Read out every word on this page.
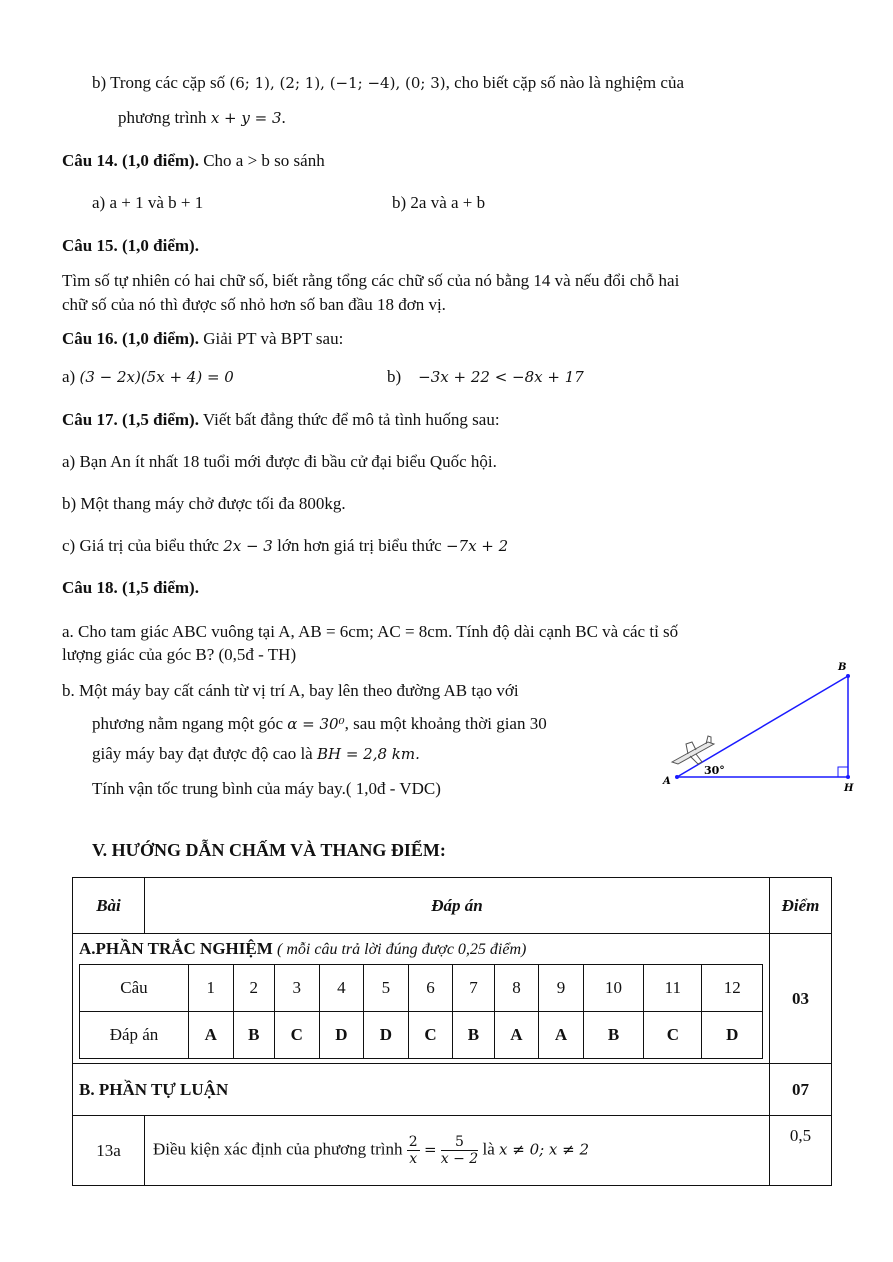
b) Trong các cặp số (6; 1), (2; 1), (−1; −4), (0; 3), cho biết cặp số nào là nghiệm của
phương trình x + y = 3.
Câu 14. (1,0 điểm). Cho a > b so sánh
a) a + 1 và b + 1	b) 2a và a + b
Câu 15. (1,0 điểm).
Tìm số tự nhiên có hai chữ số, biết rằng tổng các chữ số của nó bằng 14 và nếu đổi chỗ hai
chữ số của nó thì được số nhỏ hơn số ban đầu 18 đơn vị.
Câu 16. (1,0 điểm). Giải PT và BPT sau:
a) (3 − 2x)(5x + 4) = 0	b) −3x + 22 < −8x + 17
Câu 17. (1,5 điểm). Viết bất đẳng thức để mô tả tình huống sau:
a) Bạn An ít nhất 18 tuổi mới được đi bầu cử đại biểu Quốc hội.
b) Một thang máy chở được tối đa 800kg.
c) Giá trị của biểu thức 2x − 3 lớn hơn giá trị biểu thức −7x + 2
Câu 18. (1,5 điểm).
a. Cho tam giác ABC vuông tại A, AB = 6cm; AC = 8cm. Tính độ dài cạnh BC và các tỉ số
lượng giác của góc B? (0,5đ - TH)
b. Một máy bay cất cánh từ vị trí A, bay lên theo đường AB tạo với
phương nằm ngang một góc α = 30⁰, sau một khoảng thời gian 30
giây máy bay đạt được độ cao là BH = 2,8 km.
Tính vận tốc trung bình của máy bay.( 1,0đ - VDC)	A
B
H
30°
V. HƯỚNG DẪN CHẤM VÀ THANG ĐIỂM:
Bài	Đáp án	Điểm

A.PHẦN TRẮC NGHIỆM ( mỗi câu trả lời đúng được 0,25 điểm)
Câu	1	2	3	4	5	6	7	8	9	10	11	12
Đáp án	A	B	C	D	D	C	B	A	A	B	C	D
	03
B. PHẦN TỰ LUẬN	07
13a	Điều kiện xác định của phương trình $\frac{2}{x} = \frac{5}{x - 2}$ là x ≠ 0; x ≠ 2	0,5
